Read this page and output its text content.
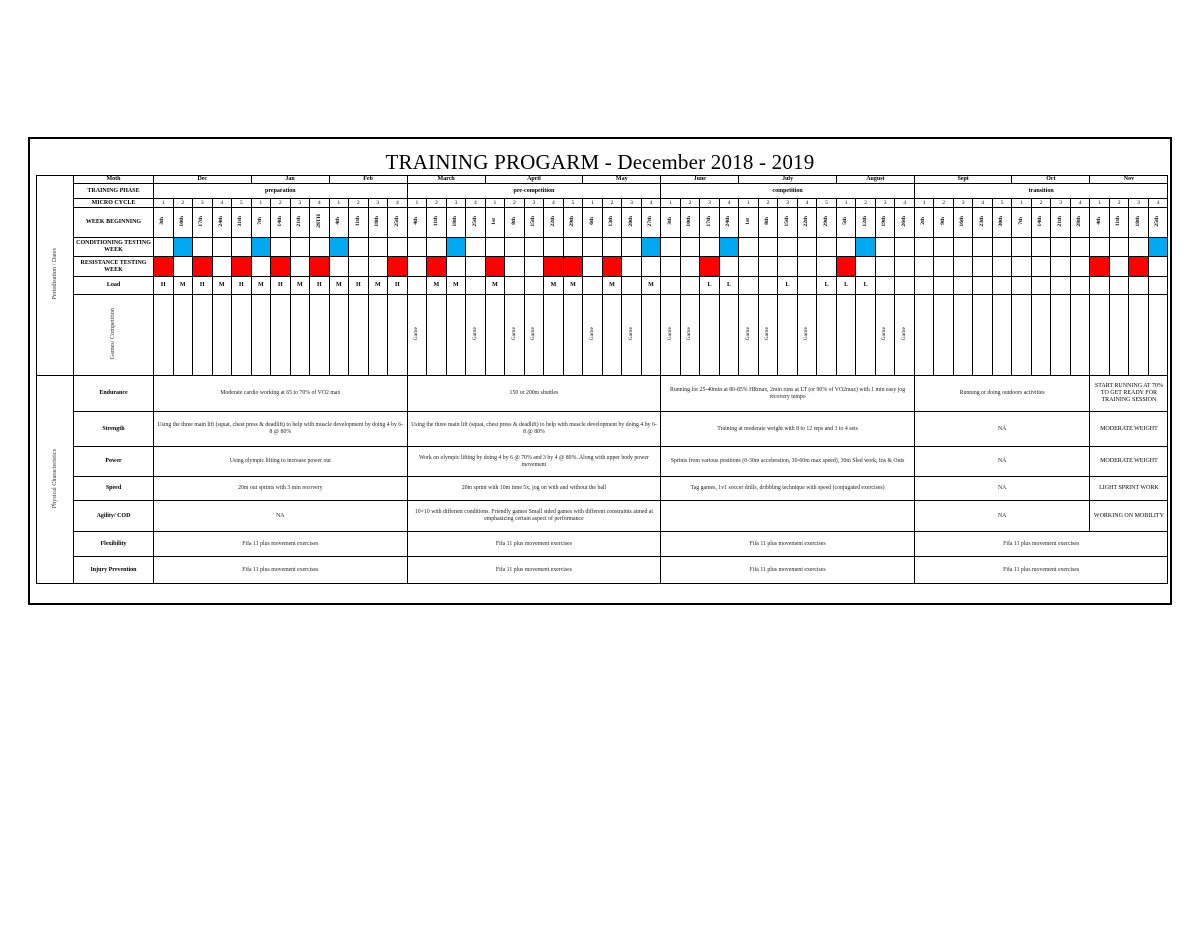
TRAINING PROGARM - December 2018 - 2019
Periodisation / Dates	Moth	Dec					Jan				Feb				March				April					May				June				July					August				Sept					Oct				Nov			
	TRAINING PHASE	preparation													pre-competition													competition													transition												
	MICRO CYCLE	1	2	3	4	5	1	2	3	4	1	2	3	4	1	2	3	4	1	2	3	4	5	1	2	3	4	1	2	3	4	1	2	3	4	5	1	2	3	4	1	2	3	4	5	1	2	3	4	1	2	3	4
	WEEK BEGINNING	3th	10th	17th	24th	31th	7th	14th	21th	28TH	4th	11th	18th	25th	4th	11th	18th	25th	1st	8th	15th	22th	29th	6th	13th	20th	27th	3th	10th	17th	24th	1st	8th	15th	22th	29th	5th	12th	19th	26th	2th	9th	16th	23th	30th	7th	14th	21th	28th	4th	11th	18th	25th
	CONDITIONING TESTING WEEK																																																				
	RESISTANCE TESTING WEEK																																																				
	Load	H	M	H	M	H	M	H	M	H	M	H	M	H		M	M		M			M	M		M		M			L	L			L		L	L	L															
	Games/ Competition														Game			Game		Game	Game			Game		Game		Game	Game			Game	Game		Game				Game	Game													
Physical Characteristics	Endurance	Moderate cardio working at 65 to 70% of VO2 max													150 or 200m shuttles													Running for 25-40min at 80-85% HRmax, 2min runs at LT (or 90% of VO2max) with 1 min easy jog recovery tempo													Running or doing outdoors activities									START RUNNING AT 70% TO GET READY FOR TRAINING SESSION			
	Strength	Using the three main lift (squat, chest press & deadlift) to help with muscle development by doing 4 by 6-8 @ 80%													Using the three main lift (squat, chest press & deadlift) to help with muscle development by doing 4 by 6-8 @ 80%													Training at moderate weight with 8 to 12 reps and 3 to 4 sets													NA									MODERATE WEIGHT			
	Power	Using olympic lifting to increase power out													Work on olympic lifting by doing 4 by 6 @ 70% and 3 by 4 @ 80%. Along with upper body power movement													Sprints from various positions (0-30m acceleration, 30-60m max speed), 30m Sled work, Ins & Outs													NA									MODERATE WEIGHT			
	Speed	20m out sprints with 3 min recovery													20m sprint with 10m time 5x, jog on with and without the ball													Tag games, 1v1 soccer drills, dribbling technique with speed (conjugated exercises)													NA									LIGHT SPRINT WORK			
	Agility/ COD	NA													10×10 with different conditions. Friendly games Small sided games with different constraints aimed at emphasizing certain aspect of performance																										NA									WORKING ON MOBILITY			
	Flexibility	Fifa 11 plus movement exercises													Fifa 11 plus movement exercises													Fifa 11 plus movement exercises													Fifa 11 plus movement exercises												
	Injury Prevention	Fifa 11 plus movement exercises													Fifa 11 plus movement exercises													Fifa 11 plus movement exercises													Fifa 11 plus movement exercises												
